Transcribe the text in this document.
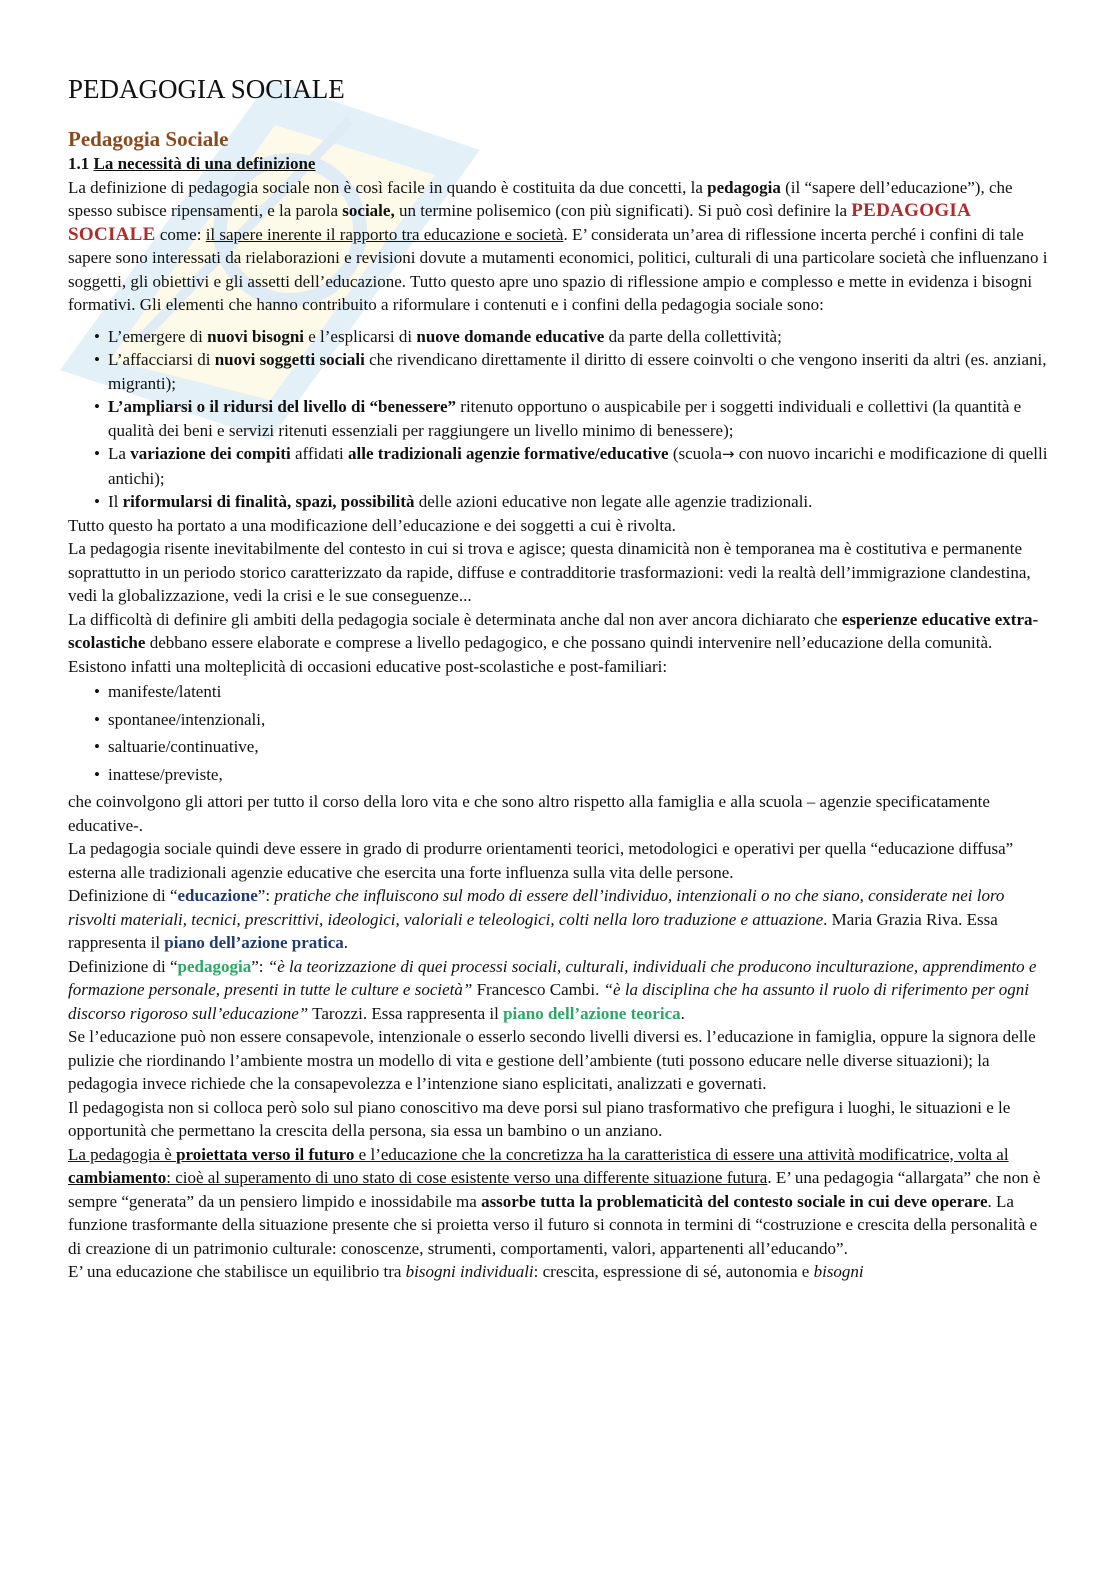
PEDAGOGIA SOCIALE
Pedagogia Sociale
1.1 La necessità di una definizione

La definizione di pedagogia sociale non è così facile in quando è costituita da due concetti, la pedagogia (il “sapere dell’educazione”), che spesso subisce ripensamenti, e la parola sociale, un termine polisemico (con più significati). Si può così definire la PEDAGOGIA SOCIALE come: il sapere inerente il rapporto tra educazione e società. E’ considerata un’area di riflessione incerta perché i confini di tale sapere sono interessati da rielaborazioni e revisioni dovute a mutamenti economici, politici, culturali di una particolare società che influenzano i soggetti, gli obiettivi e gli assetti dell’educazione. Tutto questo apre uno spazio di riflessione ampio e complesso e mette in evidenza i bisogni formativi. Gli elementi che hanno contribuito a riformulare i contenuti e i confini della pedagogia sociale sono:

• L’emergere di nuovi bisogni e l’esplicarsi di nuove domande educative da parte della collettività;
• L’affacciarsi di nuovi soggetti sociali che rivendicano direttamente il diritto di essere coinvolti o che vengono inseriti da altri (es. anziani, migranti);
• L’ampliarsi o il ridursi del livello di “benessere” ritenuto opportuno o auspicabile per i soggetti individuali e collettivi (la quantità e qualità dei beni e servizi ritenuti essenziali per raggiungere un livello minimo di benessere);
• La variazione dei compiti affidati alle tradizionali agenzie formative/educative (scuola→ con nuovo incarichi e modificazione di quelli antichi);
• Il riformularsi di finalità, spazi, possibilità delle azioni educative non legate alle agenzie tradizionali.

Tutto questo ha portato a una modificazione dell’educazione e dei soggetti a cui è rivolta.

La pedagogia risente inevitabilmente del contesto in cui si trova e agisce; questa dinamicità non è temporanea ma è costitutiva e permanente soprattutto in un periodo storico caratterizzato da rapide, diffuse e contradditorie trasformazioni: vedi la realtà dell’immigrazione clandestina, vedi la globalizzazione, vedi la crisi e le sue conseguenze...

La difficoltà di definire gli ambiti della pedagogia sociale è determinata anche dal non aver ancora dichiarato che esperienze educative extra-scolastiche debbano essere elaborate e comprese a livello pedagogico, e che possano quindi intervenire nell’educazione della comunità. Esistono infatti una molteplicità di occasioni educative post-scolastiche e post-familiari:

• manifeste/latenti
• spontanee/intenzionali,
• saltuarie/continuative,
• inattese/previste,

che coinvolgono gli attori per tutto il corso della loro vita e che sono altro rispetto alla famiglia e alla scuola – agenzie specificatamente educative-.

La pedagogia sociale quindi deve essere in grado di produrre orientamenti teorici, metodologici e operativi per quella “educazione diffusa” esterna alle tradizionali agenzie educative che esercita una forte influenza sulla vita delle persone.

Definizione di “educazione”: pratiche che influiscono sul modo di essere dell’individuo, intenzionali o no che siano, considerate nei loro risvolti materiali, tecnici, prescrittivi, ideologici, valoriali e teleologici, colti nella loro traduzione e attuazione. Maria Grazia Riva. Essa rappresenta il piano dell’azione pratica.

Definizione di “pedagogia”: “è la teorizzazione di quei processi sociali, culturali, individuali che producono inculturazione, apprendimento e formazione personale, presenti in tutte le culture e società” Francesco Cambi. “è la disciplina che ha assunto il ruolo di riferimento per ogni discorso rigoroso sull’educazione” Tarozzi. Essa rappresenta il piano dell’azione teorica.

Se l’educazione può non essere consapevole, intenzionale o esserlo secondo livelli diversi es. l’educazione in famiglia, oppure la signora delle pulizie che riordinando l’ambiente mostra un modello di vita e gestione dell’ambiente (tuti possono educare nelle diverse situazioni); la pedagogia invece richiede che la consapevolezza e l’intenzione siano esplicitati, analizzati e governati.

Il pedagogista non si colloca però solo sul piano conoscitivo ma deve porsi sul piano trasformativo che prefigura i luoghi, le situazioni e le opportunità che permettano la crescita della persona, sia essa un bambino o un anziano.

La pedagogia è proiettata verso il futuro e l’educazione che la concretizza ha la caratteristica di essere una attività modificatrice, volta al cambiamento: cioè al superamento di uno stato di cose esistente verso una differente situazione futura. E’ una pedagogia “allargata” che non è sempre “generata” da un pensiero limpido e inossidabile ma assorbe tutta la problematicità del contesto sociale in cui deve operare. La funzione trasformante della situazione presente che si proietta verso il futuro si connota in termini di “costruzione e crescita della personalità e di creazione di un patrimonio culturale: conoscenze, strumenti, comportamenti, valori, appartenenti all’educando”.

E’ una educazione che stabilisce un equilibrio tra bisogni individuali: crescita, espressione di sé, autonomia e bisogni
